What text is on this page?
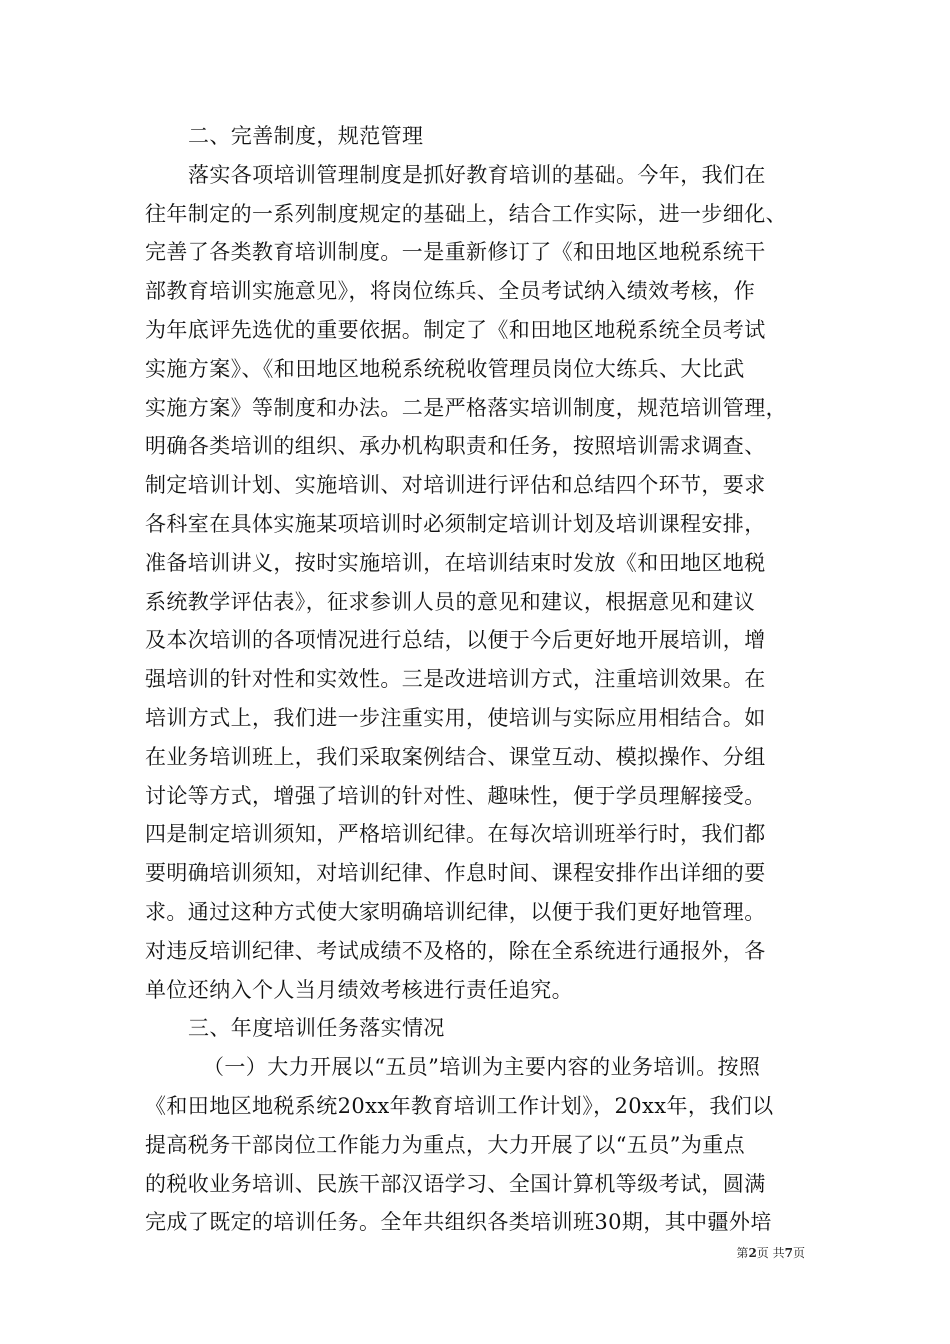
二、完善制度，规范管理
落实各项培训管理制度是抓好教育培训的基础。今年，我们在
往年制定的一系列制度规定的基础上，结合工作实际，进一步细化、
完善了各类教育培训制度。一是重新修订了《和田地区地税系统干
部教育培训实施意见》，将岗位练兵、全员考试纳入绩效考核，作
为年底评先选优的重要依据。制定了《和田地区地税系统全员考试
实施方案》、《和田地区地税系统税收管理员岗位大练兵、大比武
实施方案》等制度和办法。二是严格落实培训制度，规范培训管理，
明确各类培训的组织、承办机构职责和任务，按照培训需求调查、
制定培训计划、实施培训、对培训进行评估和总结四个环节，要求
各科室在具体实施某项培训时必须制定培训计划及培训课程安排，
准备培训讲义，按时实施培训，在培训结束时发放《和田地区地税
系统教学评估表》，征求参训人员的意见和建议，根据意见和建议
及本次培训的各项情况进行总结，以便于今后更好地开展培训，增
强培训的针对性和实效性。三是改进培训方式，注重培训效果。在
培训方式上，我们进一步注重实用，使培训与实际应用相结合。如
在业务培训班上，我们采取案例结合、课堂互动、模拟操作、分组
讨论等方式，增强了培训的针对性、趣味性，便于学员理解接受。
四是制定培训须知，严格培训纪律。在每次培训班举行时，我们都
要明确培训须知，对培训纪律、作息时间、课程安排作出详细的要
求。通过这种方式使大家明确培训纪律，以便于我们更好地管理。
对违反培训纪律、考试成绩不及格的，除在全系统进行通报外，各
单位还纳入个人当月绩效考核进行责任追究。
三、年度培训任务落实情况
（一）大力开展以“五员”培训为主要内容的业务培训。按照
《和田地区地税系统20xx年教育培训工作计划》，20xx年，我们以
提高税务干部岗位工作能力为重点，大力开展了以“五员”为重点
的税收业务培训、民族干部汉语学习、全国计算机等级考试，圆满
完成了既定的培训任务。全年共组织各类培训班30期，其中疆外培
第2页 共7页
